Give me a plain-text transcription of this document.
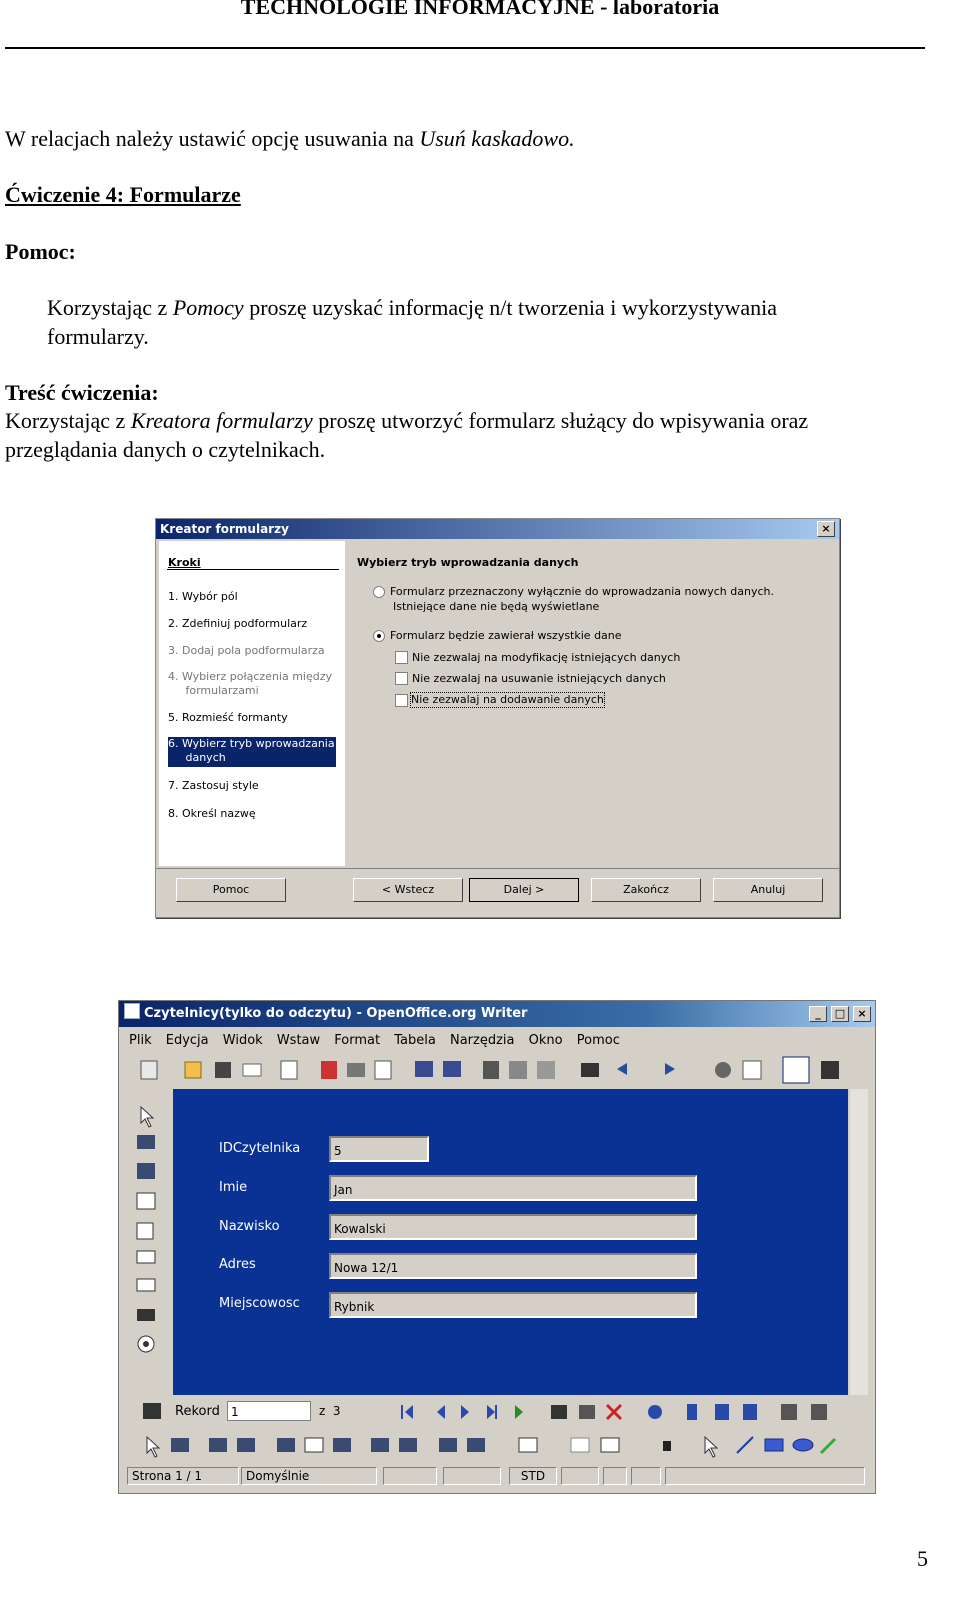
TECHNOLOGIE INFORMACYJNE - laboratoria
W relacjach należy ustawić opcję usuwania na Usuń kaskadowo.
Ćwiczenie 4: Formularze
Pomoc:
Korzystając z Pomocy proszę uzyskać informację n/t tworzenia i wykorzystywania
formularzy.
Treść ćwiczenia:
Korzystając z Kreatora formularzy proszę utworzyć formularz służący do wpisywania oraz
przeglądania danych o czytelnikach.
Kreator formularzy	×
Kroki
1. Wybór pól
2. Zdefiniuj podformularz
3. Dodaj pola podformularza
4. Wybierz połączenia między
formularzami
5. Rozmieść formanty
6. Wybierz tryb wprowadzania
danych
7. Zastosuj style
8. Określ nazwę
Wybierz tryb wprowadzania danych
Formularz przeznaczony wyłącznie do wprowadzania nowych danych.
Istniejące dane nie będą wyświetlane
Formularz będzie zawierał wszystkie dane
Nie zezwalaj na modyfikację istniejących danych
Nie zezwalaj na usuwanie istniejących danych
Nie zezwalaj na dodawanie danych
Pomoc	< Wstecz	Dalej >	Zakończ	Anuluj
Czytelnicy(tylko do odczytu) - OpenOffice.org Writer	_	□	×
Plik Edycja Widok Wstaw Format Tabela Narzędzia Okno Pomoc
IDCzytelnika	5
Imie	Jan
Nazwisko	Kowalski
Adres	Nowa 12/1
Miejscowosc	Rybnik
Rekord 1	z  3
Strona 1 / 1	Domyślnie	STD
5
